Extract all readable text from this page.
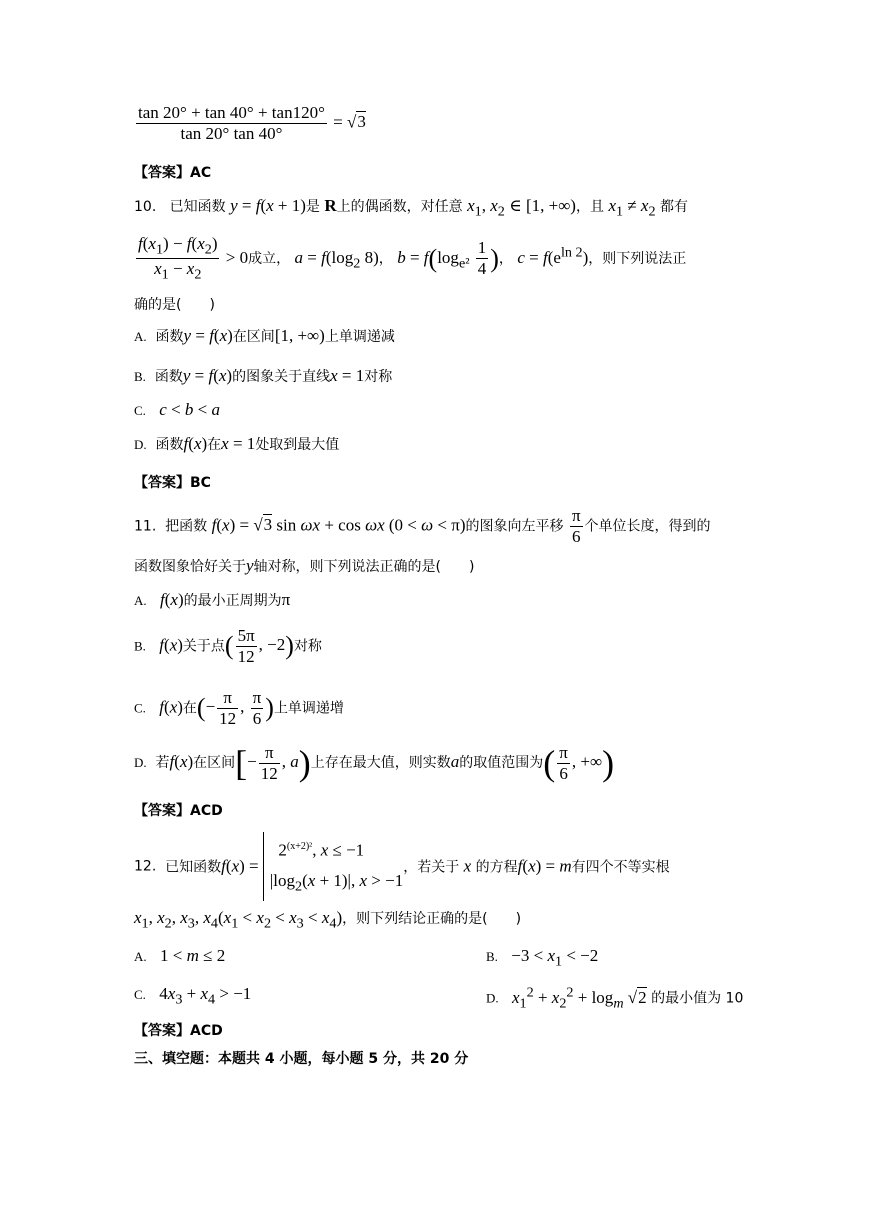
$\frac{\tan 20^\circ + \tan 40^\circ + \tan 120^\circ}{\tan 20^\circ \tan 40^\circ} = √3$
【答案】AC
10. 已知函数 y = f(x + 1)是 R上的偶函数，对任意 $x_1$, $x_2$ ∈ [1, +∞)，且 $x_1 \ne x_2$ 都有
$\frac{f(x_1) - f(x_2)}{x_1 - x_2} > 0$成立， $a = f(\log_2$ 8)， $b = f(\log_{e^2} \frac{1}{4}$ )， $c = f(e^{ln 2})$，则下列说法正
确的是(　　)
A. 函数y = f(x)在区间[1, +∞)上单调递减
B. 函数y = f(x)的图象关于直线x = 1对称
C. c < b < a
D. 函数f(x)在x = 1处取到最大值
【答案】BC
11. 把函数 f(x) = √3 sin ωx + cos ωx (0 < ω < π)的图象向左平移 $\frac{\pi}{6}$ 个单位长度，得到的
函数图象恰好关于y轴对称，则下列说法正确的是(　　)
A. f(x)的最小正周期为π
B. f(x)关于点( $\frac{5\pi}{12}$ , −2)对称
C. f(x)在(− $\frac{\pi}{12}$ , $\frac{\pi}{6}$ )上单调递增
D. 若f(x)在区间[− $\frac{\pi}{12}$ , a)上存在最大值，则实数a的取值范围为( $\frac{\pi}{6}$ , +∞)
【答案】ACD
12. 已知函数f(x) =
$2^{(x+2)^2}$, x ≤ −1
$|\log_2(x + 1)|$, x > −1
，若关于 x 的方程f(x) = m有四个不等实根
$x_1$, $x_2$, $x_3$, $x_4(x_1 < x_2 < x_3 < x_4)$，则下列结论正确的是(　　)
A. 1 < m ≤ 2	B. $-3 < x_1 < -2$
C. $4x_3 + x_4 > -1$	D. $x_1^2 + x_2^2 + \log_m √2$ 的最小值为 10
【答案】ACD
三、填空题：本题共 4 小题，每小题 5 分，共 20 分
